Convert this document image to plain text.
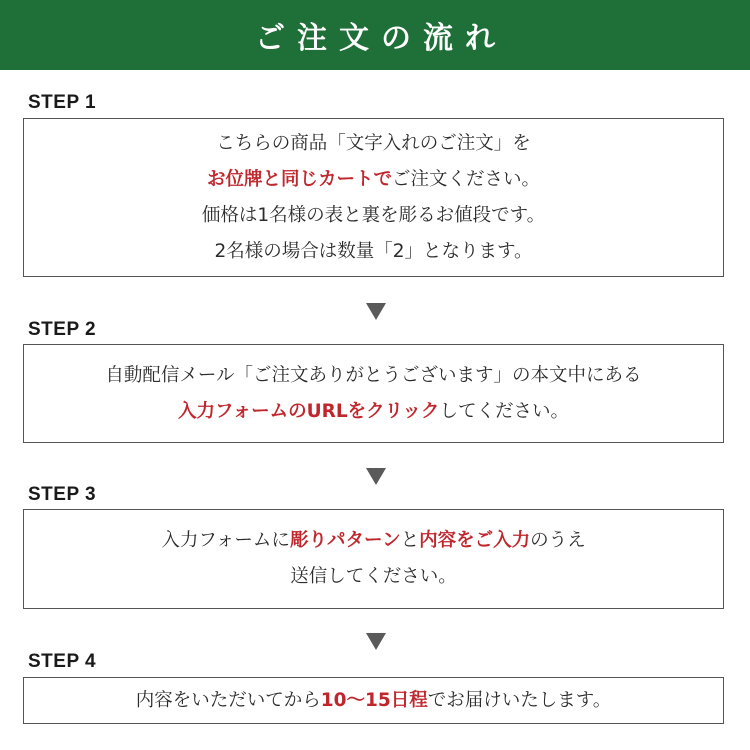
ご注文の流れ
STEP 1
こちらの商品「文字入れのご注文」を
お位牌と同じカートでご注文ください。
価格は1名様の表と裏を彫るお値段です。
2名様の場合は数量「2」となります。
STEP 2
自動配信メール「ご注文ありがとうございます」の本文中にある
入力フォームのURLをクリックしてください。
STEP 3
入力フォームに彫りパターンと内容をご入力のうえ
送信してください。
STEP 4
内容をいただいてから10〜15日程でお届けいたします。
